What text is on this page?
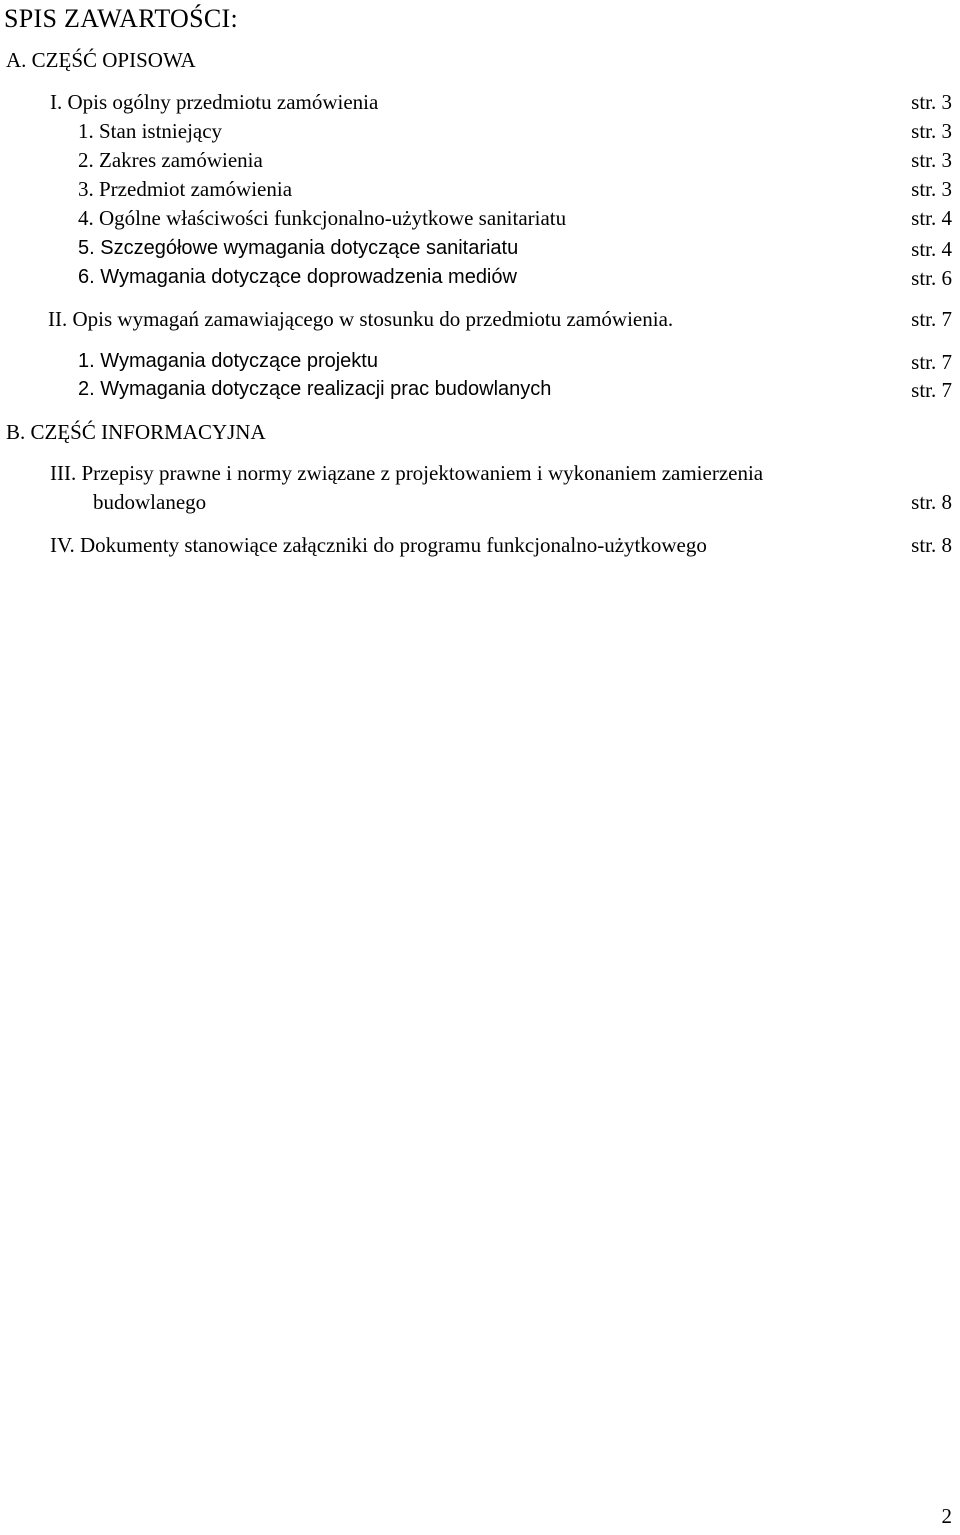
SPIS ZAWARTOŚCI:
A. CZĘŚĆ OPISOWA
I. Opis ogólny przedmiotu zamówienia	str. 3
1. Stan istniejący	str. 3
2. Zakres zamówienia	str. 3
3. Przedmiot zamówienia	str. 3
4. Ogólne właściwości funkcjonalno-użytkowe sanitariatu	str. 4
5. Szczegółowe wymagania dotyczące sanitariatu	str. 4
6. Wymagania dotyczące doprowadzenia mediów	str. 6
II. Opis wymagań zamawiającego w stosunku do przedmiotu zamówienia.	str. 7
1. Wymagania dotyczące projektu	str. 7
2. Wymagania dotyczące realizacji prac budowlanych	str. 7
B. CZĘŚĆ INFORMACYJNA
III. Przepisy prawne i normy związane z projektowaniem i wykonaniem zamierzenia
budowlanego	str. 8
IV. Dokumenty stanowiące załączniki do programu funkcjonalno-użytkowego	str. 8
2
